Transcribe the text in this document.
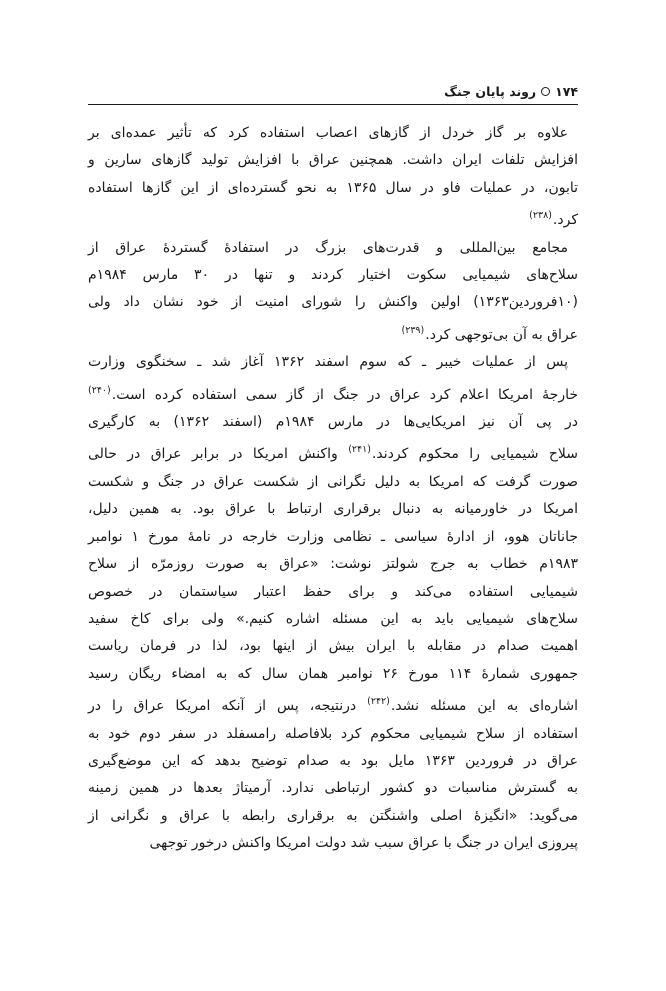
۱۷۴
روند پایان جنگ
علاوه بر گاز خردل از گازهای اعصاب استفاده کرد که تأثیر عمده‌ای بر
افزایش تلفات ایران داشت. همچنین عراق با افزایش تولید گازهای سارین و
تابون، در عملیات فاو در سال ۱۳۶۵ به نحو گسترده‌ای از این گازها استفاده
کرد.$^{(۲۳۸)}$
مجامع بین‌المللی و قدرت‌های بزرگ در استفادهٔ گستردهٔ عراق از
سلاح‌های شیمیایی سکوت اختیار کردند و تنها در ۳۰ مارس ۱۹۸۴م
(۱۰فروردین۱۳۶۳) اولین واکنش را شورای امنیت از خود نشان داد ولی
عراق به آن بی‌توجهی کرد.$^{(۲۳۹)}$
پس از عملیات خیبر ـ که سوم اسفند ۱۳۶۲ آغاز شد ـ سخنگوی وزارت
خارجهٔ امریکا اعلام کرد عراق در جنگ از گاز سمی استفاده کرده است.$^{(۲۴۰)}$
در پی آن نیز امریکایی‌ها در مارس ۱۹۸۴م (اسفند ۱۳۶۲) به کارگیری
سلاح شیمیایی را محکوم کردند.$^{(۲۴۱)}$ واکنش امریکا در برابر عراق در حالی
صورت گرفت که امریکا به دلیل نگرانی از شکست عراق در جنگ و شکست
امریکا در خاورمیانه به دنبال برقراری ارتباط با عراق بود. به همین دلیل،
جاناتان هوو، از ادارهٔ سیاسی ـ نظامی وزارت خارجه در نامهٔ مورخ ۱ نوامبر
۱۹۸۳م خطاب به جرج شولتز نوشت: «عراق به صورت روزمرّه از سلاح
شیمیایی استفاده می‌کند و برای حفظ اعتبار سیاستمان در خصوص
سلاح‌های شیمیایی باید به این مسئله اشاره کنیم.» ولی برای کاخ سفید
اهمیت صدام در مقابله با ایران بیش از اینها بود، لذا در فرمان ریاست
جمهوری شمارهٔ ۱۱۴ مورخ ۲۶ نوامبر همان سال که به امضاء ریگان رسید
اشاره‌ای به این مسئله نشد.$^{(۲۴۲)}$ درنتیجه، پس از آنکه امریکا عراق را در
استفاده از سلاح شیمیایی محکوم کرد بلافاصله رامسفلد در سفر دوم خود به
عراق در فروردین ۱۳۶۳ مایل بود به صدام توضیح بدهد که این موضع‌گیری
به گسترش مناسبات دو کشور ارتباطی ندارد. آرمیتاژ بعدها در همین زمینه
می‌گوید: «انگیزهٔ اصلی واشنگتن به برقراری رابطه با عراق و نگرانی از
پیروزی ایران در جنگ با عراق سبب شد دولت امریکا واکنش درخور توجهی
